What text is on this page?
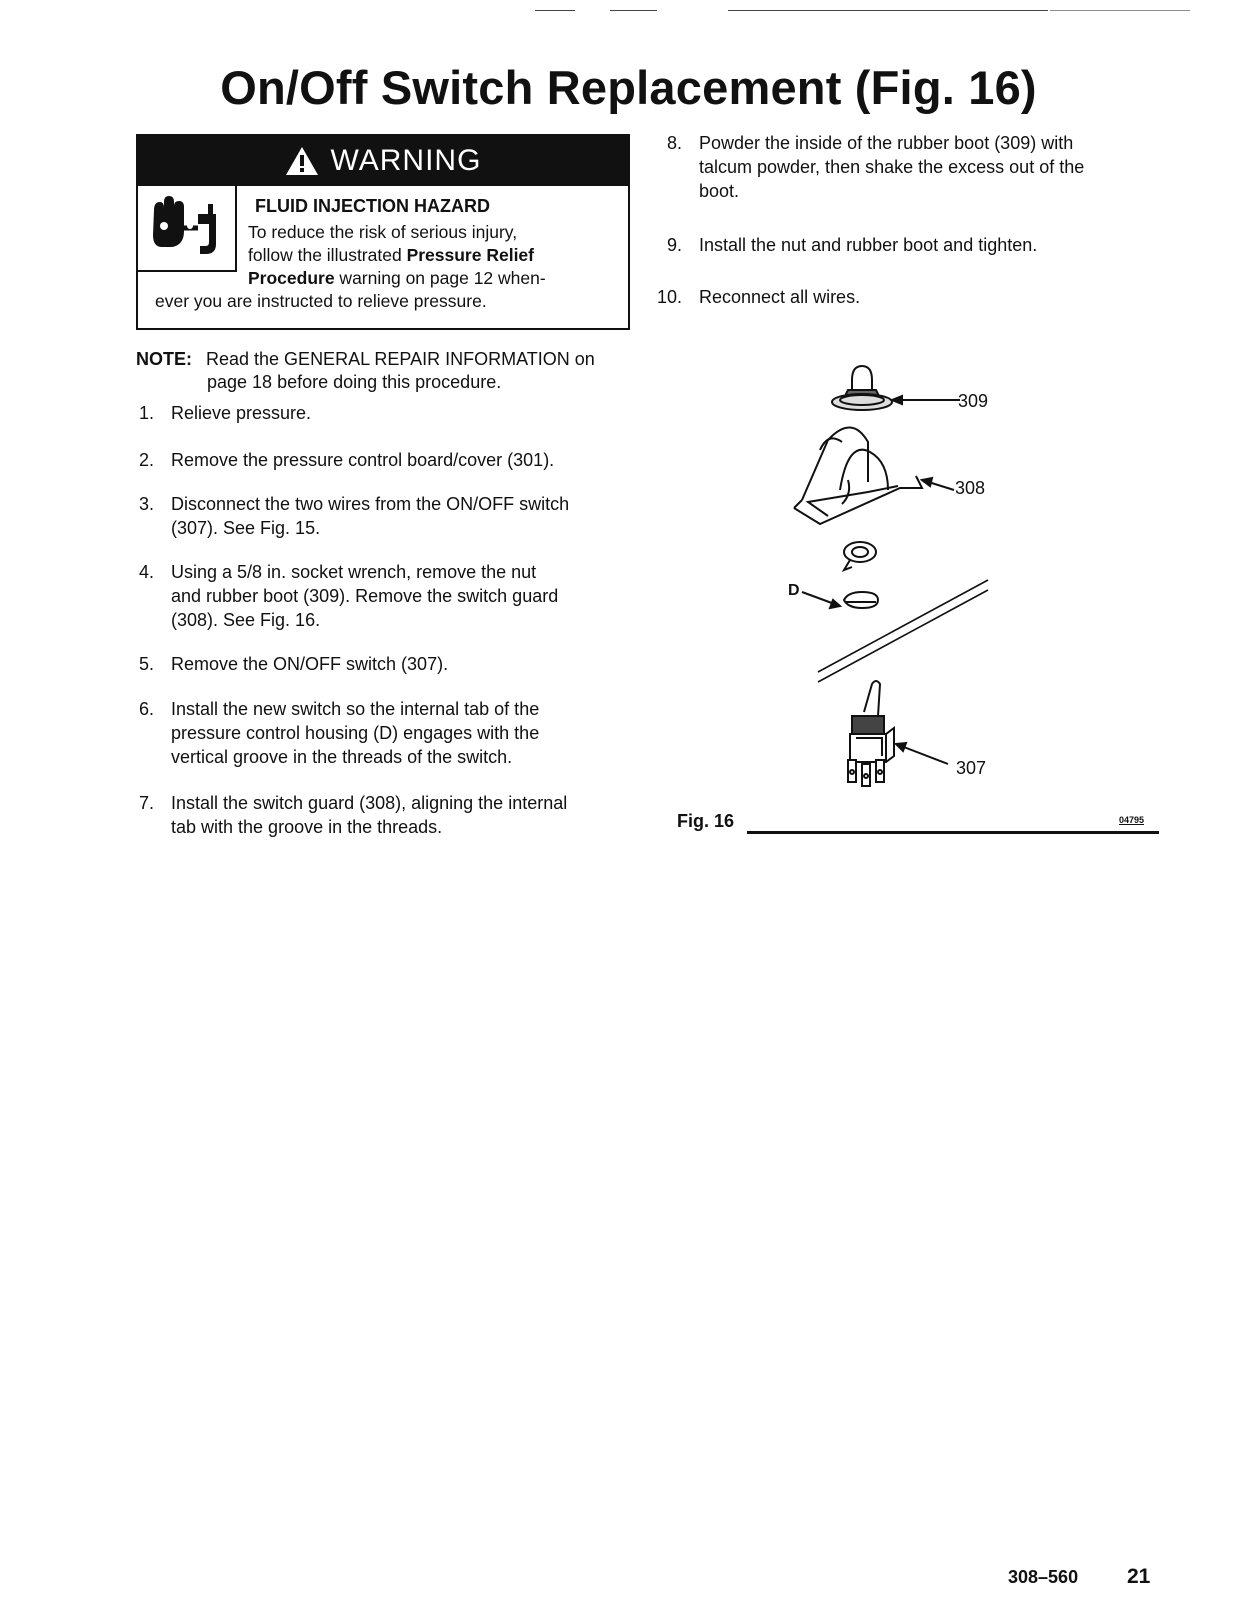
On/Off Switch Replacement (Fig. 16)
WARNING
FLUID INJECTION HAZARD
To reduce the risk of serious injury,
follow the illustrated Pressure Relief
Procedure warning on page 12 when-
ever you are instructed to relieve pressure.
NOTE: Read the GENERAL REPAIR INFORMATION on
page 18 before doing this procedure.
1. Relieve pressure.
2. Remove the pressure control board/cover (301).
3. Disconnect the two wires from the ON/OFF switch
(307). See Fig. 15.
4. Using a 5/8 in. socket wrench, remove the nut
and rubber boot (309). Remove the switch guard
(308). See Fig. 16.
5. Remove the ON/OFF switch (307).
6. Install the new switch so the internal tab of the
pressure control housing (D) engages with the
vertical groove in the threads of the switch.
7. Install the switch guard (308), aligning the internal
tab with the groove in the threads.
8. Powder the inside of the rubber boot (309) with
talcum powder, then shake the excess out of the
boot.
9. Install the nut and rubber boot and tighten.
10. Reconnect all wires.
309
308
D
307
Fig. 16	04795
308–560 21
